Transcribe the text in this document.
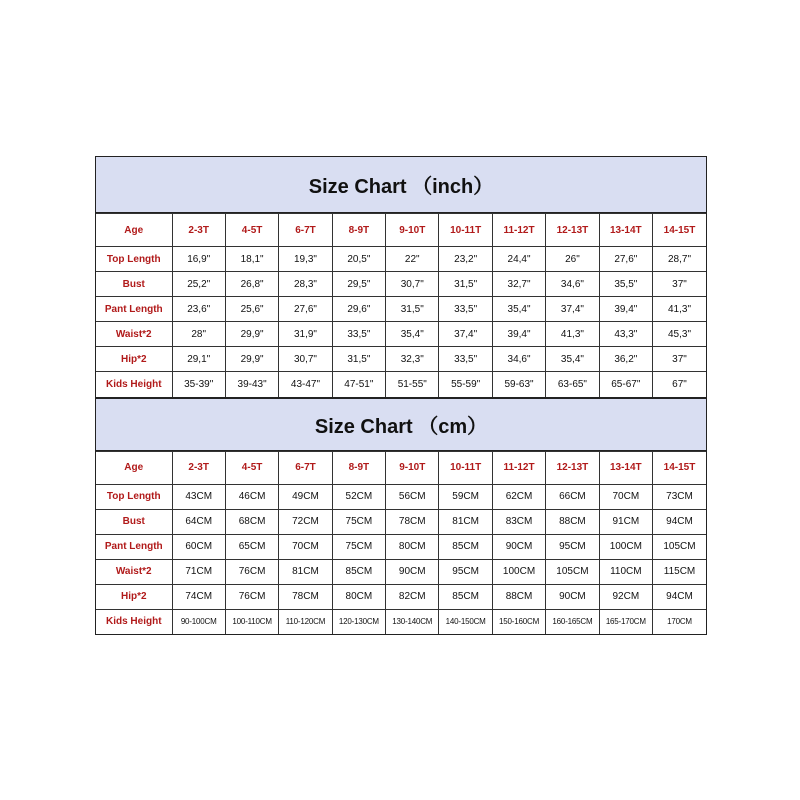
Size Chart （inch）
Age	2-3T	4-5T	6-7T	8-9T	9-10T	10-11T	11-12T	12-13T	13-14T	14-15T
Top Length	16,9"	18,1"	19,3"	20,5"	22"	23,2"	24,4"	26"	27,6"	28,7"
Bust	25,2"	26,8"	28,3"	29,5"	30,7"	31,5"	32,7"	34,6"	35,5"	37"
Pant Length	23,6"	25,6"	27,6"	29,6"	31,5"	33,5"	35,4"	37,4"	39,4"	41,3"
Waist*2	28"	29,9"	31,9"	33,5"	35,4"	37,4"	39,4"	41,3"	43,3"	45,3"
Hip*2	29,1"	29,9"	30,7"	31,5"	32,3"	33,5"	34,6"	35,4"	36,2"	37"
Kids Height	35-39"	39-43"	43-47"	47-51"	51-55"	55-59"	59-63"	63-65"	65-67"	67"
Size Chart （cm）
Age	2-3T	4-5T	6-7T	8-9T	9-10T	10-11T	11-12T	12-13T	13-14T	14-15T
Top Length	43CM	46CM	49CM	52CM	56CM	59CM	62CM	66CM	70CM	73CM
Bust	64CM	68CM	72CM	75CM	78CM	81CM	83CM	88CM	91CM	94CM
Pant Length	60CM	65CM	70CM	75CM	80CM	85CM	90CM	95CM	100CM	105CM
Waist*2	71CM	76CM	81CM	85CM	90CM	95CM	100CM	105CM	110CM	115CM
Hip*2	74CM	76CM	78CM	80CM	82CM	85CM	88CM	90CM	92CM	94CM
Kids Height	90-100CM	100-110CM	110-120CM	120-130CM	130-140CM	140-150CM	150-160CM	160-165CM	165-170CM	170CM
